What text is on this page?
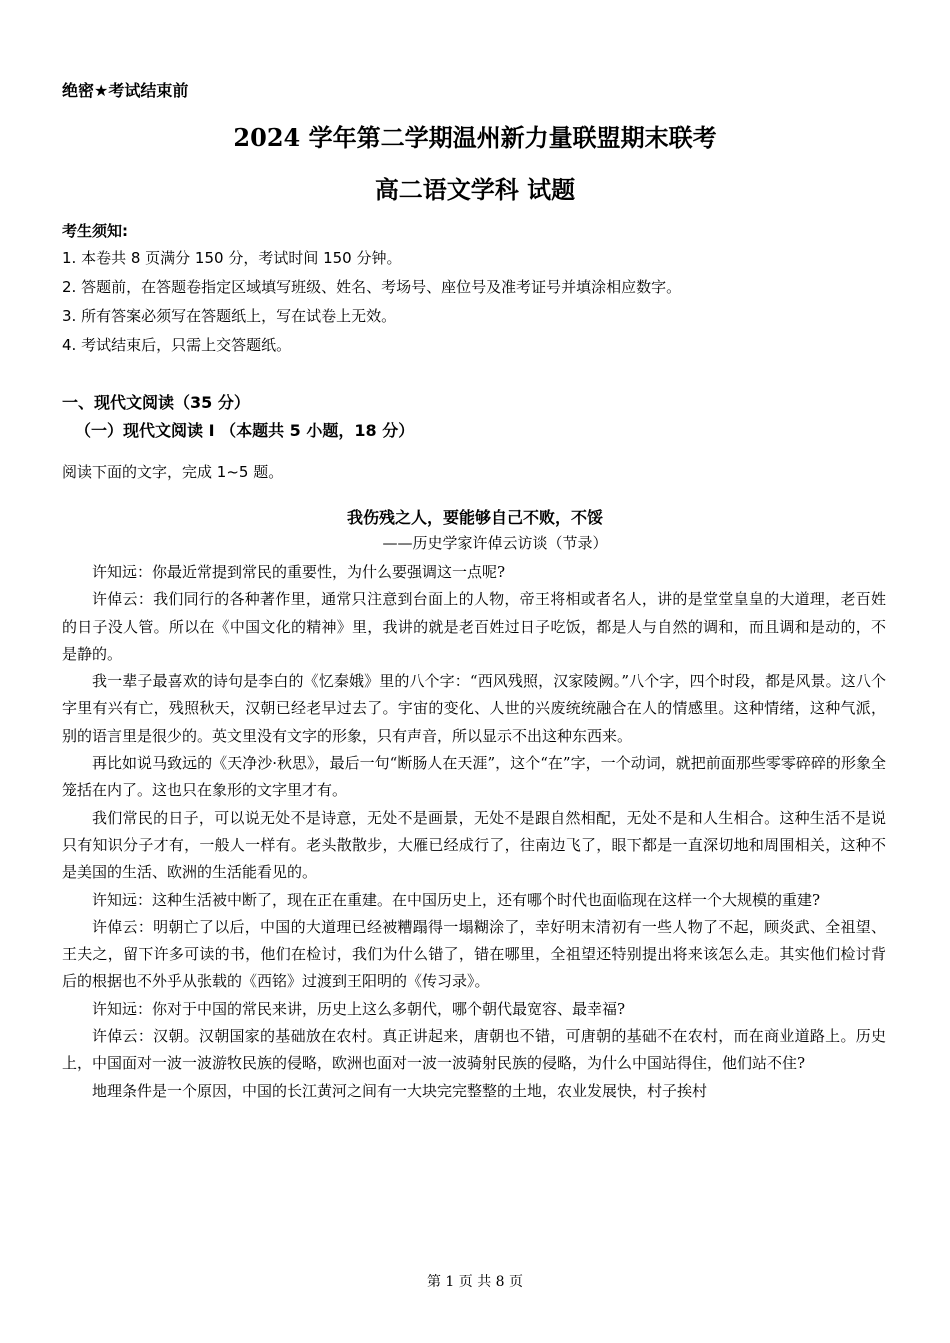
绝密★考试结束前
2024 学年第二学期温州新力量联盟期末联考
高二语文学科 试题
考生须知:
1. 本卷共 8 页满分 150 分，考试时间 150 分钟。
2. 答题前，在答题卷指定区域填写班级、姓名、考场号、座位号及准考证号并填涂相应数字。
3. 所有答案必须写在答题纸上，写在试卷上无效。
4. 考试结束后，只需上交答题纸。
一、现代文阅读（35 分）
（一）现代文阅读 I （本题共 5 小题，18 分）
阅读下面的文字，完成 1~5 题。
我伤残之人，要能够自己不败，不馁
——历史学家许倬云访谈（节录）

许知远：你最近常提到常民的重要性，为什么要强调这一点呢?

许倬云：我们同行的各种著作里，通常只注意到台面上的人物，帝王将相或者名人，讲的是堂堂皇皇的大道理，老百姓的日子没人管。所以在《中国文化的精神》里，我讲的就是老百姓过日子吃饭，都是人与自然的调和，而且调和是动的，不是静的。

我一辈子最喜欢的诗句是李白的《忆秦娥》里的八个字：“西风残照，汉家陵阙。”八个字，四个时段，都是风景。这八个字里有兴有亡，残照秋天，汉朝已经老早过去了。宇宙的变化、人世的兴废统统融合在人的情感里。这种情绪，这种气派，别的语言里是很少的。英文里没有文字的形象，只有声音，所以显示不出这种东西来。

再比如说马致远的《天净沙·秋思》，最后一句“断肠人在天涯”，这个“在”字，一个动词，就把前面那些零零碎碎的形象全笼括在内了。这也只在象形的文字里才有。

我们常民的日子，可以说无处不是诗意，无处不是画景，无处不是跟自然相配，无处不是和人生相合。这种生活不是说只有知识分子才有，一般人一样有。老头散散步，大雁已经成行了，往南边飞了，眼下都是一直深切地和周围相关，这种不是美国的生活、欧洲的生活能看见的。

许知远：这种生活被中断了，现在正在重建。在中国历史上，还有哪个时代也面临现在这样一个大规模的重建?

许倬云：明朝亡了以后，中国的大道理已经被糟蹋得一塌糊涂了，幸好明末清初有一些人物了不起，顾炎武、全祖望、王夫之，留下许多可读的书，他们在检讨，我们为什么错了，错在哪里，全祖望还特别提出将来该怎么走。其实他们检讨背后的根据也不外乎从张载的《西铭》过渡到王阳明的《传习录》。

许知远：你对于中国的常民来讲，历史上这么多朝代，哪个朝代最宽容、最幸福?

许倬云：汉朝。汉朝国家的基础放在农村。真正讲起来，唐朝也不错，可唐朝的基础不在农村，而在商业道路上。历史上，中国面对一波一波游牧民族的侵略，欧洲也面对一波一波骑射民族的侵略，为什么中国站得住，他们站不住?

地理条件是一个原因，中国的长江黄河之间有一大块完完整整的土地，农业发展快，村子挨村

第 1 页 共 8 页
